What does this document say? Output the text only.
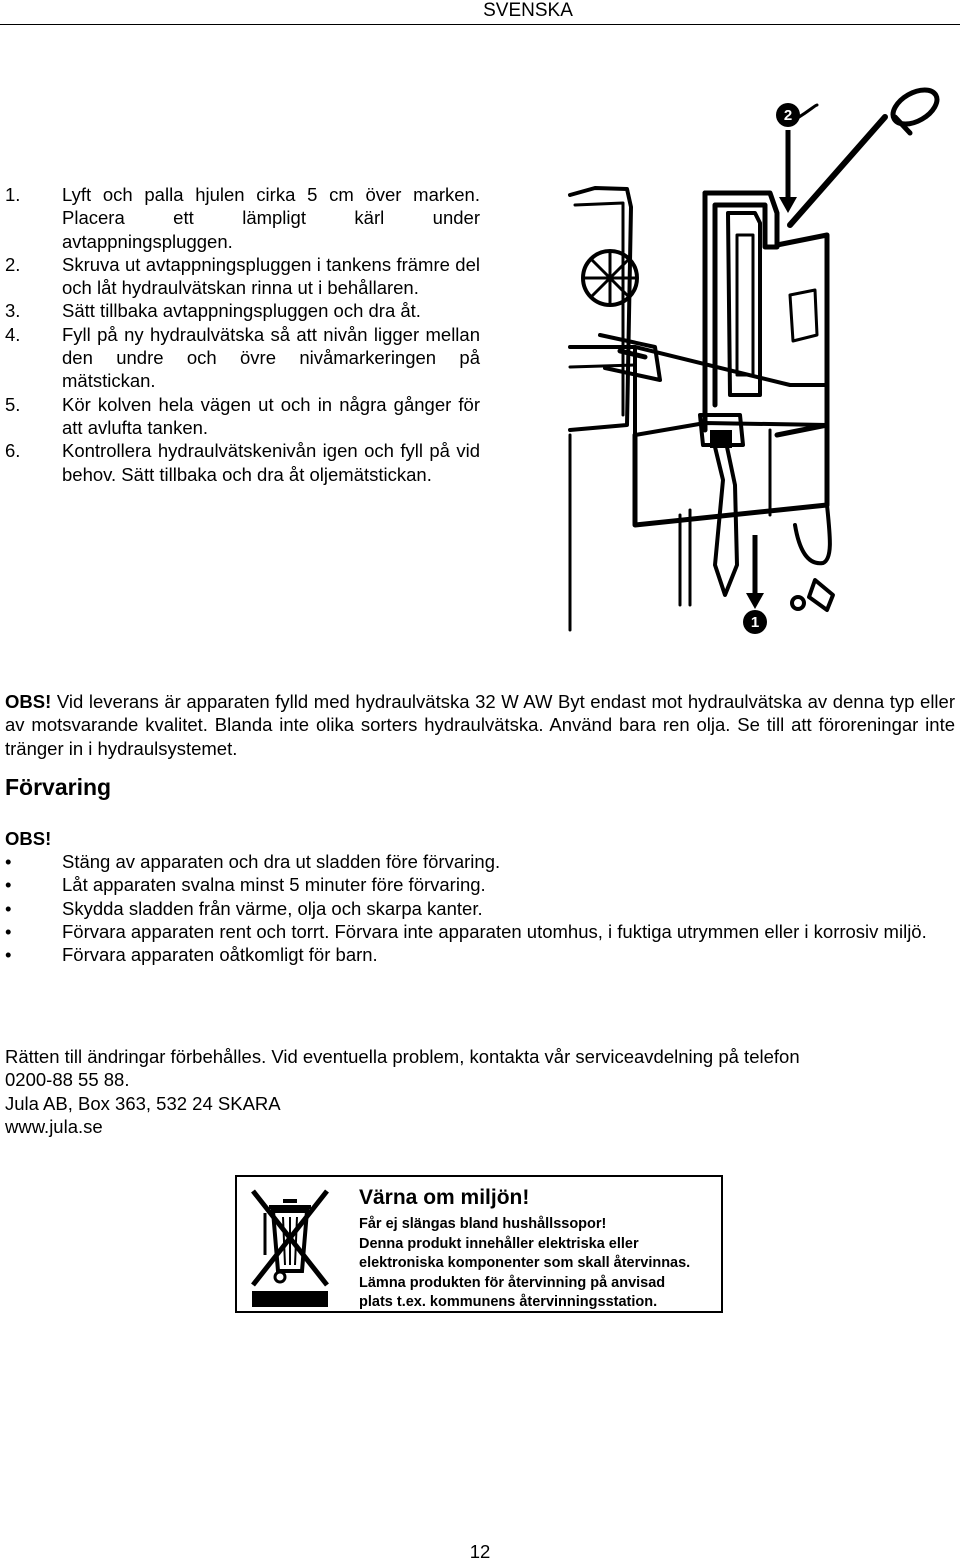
SVENSKA
1. Lyft och palla hjulen cirka 5 cm över marken. Placera ett lämpligt kärl under avtappningspluggen.
2. Skruva ut avtappningspluggen i tankens främre del och låt hydraulvätskan rinna ut i behållaren.
3. Sätt tillbaka avtappningspluggen och dra åt.
4. Fyll på ny hydraulvätska så att nivån ligger mellan den undre och övre nivåmarkeringen på mätstickan.
5. Kör kolven hela vägen ut och in några gånger för att avlufta tanken.
6. Kontrollera hydraulvätskenivån igen och fyll på vid behov. Sätt tillbaka och dra åt oljemätstickan.
2
1

OBS! Vid leverans är apparaten fylld med hydraulvätska 32 W AW Byt endast mot hydraulvätska av denna typ eller av motsvarande kvalitet. Blanda inte olika sorters hydraulvätska. Använd bara ren olja. Se till att föroreningar inte tränger in i hydraulsystemet.

Förvaring

OBS!

•	Stäng av apparaten och dra ut sladden före förvaring.
•	Låt apparaten svalna minst 5 minuter före förvaring.
•	Skydda sladden från värme, olja och skarpa kanter.
•	Förvara apparaten rent och torrt. Förvara inte apparaten utomhus, i fuktiga utrymmen eller i korrosiv miljö.
•	Förvara apparaten oåtkomligt för barn.
Rätten till ändringar förbehålles. Vid eventuella problem, kontakta vår serviceavdelning på telefon
0200-88 55 88.
Jula AB, Box 363, 532 24 SKARA
www.jula.se
Värna om miljön!
Får ej slängas bland hushållssopor!
Denna produkt innehåller elektriska eller
elektroniska komponenter som skall återvinnas.
Lämna produkten för återvinning på anvisad
plats t.ex. kommunens återvinningsstation.
12
